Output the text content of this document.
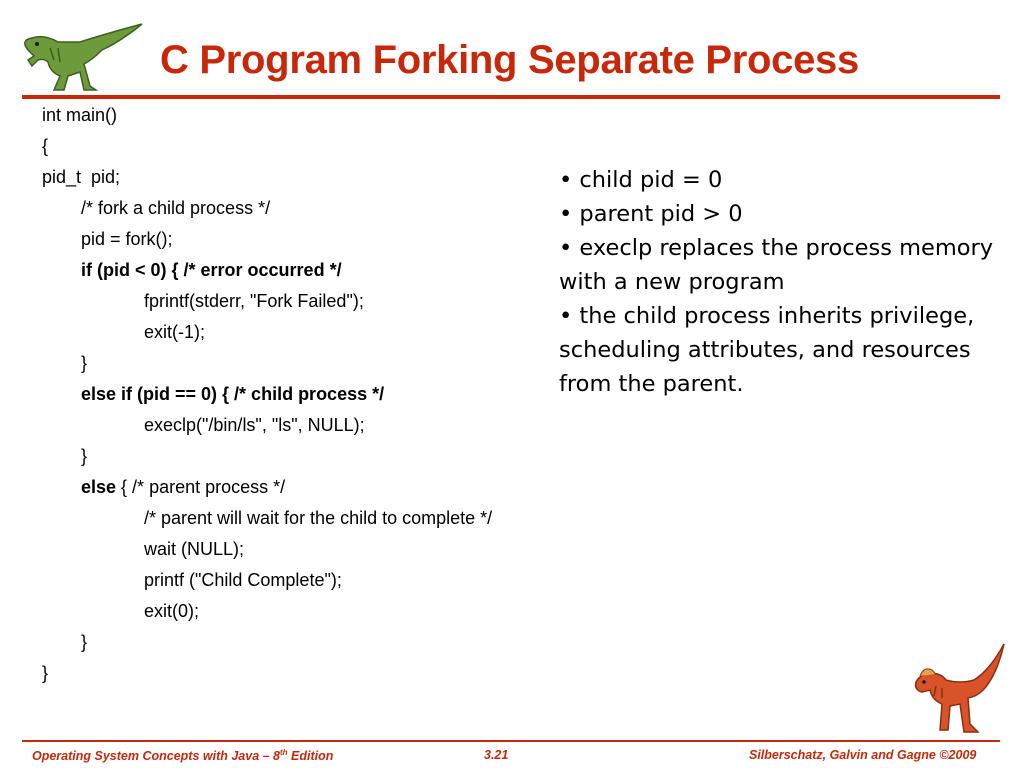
C Program Forking Separate Process
int main()
{
pid_t  pid;
/* fork a child process */
pid = fork();
if (pid < 0) { /* error occurred */
fprintf(stderr, "Fork Failed");
exit(-1);
}
else if (pid == 0) { /* child process */
execlp("/bin/ls", "ls", NULL);
}
else { /* parent process */
/* parent will wait for the child to complete */
wait (NULL);
printf ("Child Complete");
exit(0);
}
}

• child pid = 0

• parent pid > 0

• execlp replaces the process memory with a new program

• the child process inherits privilege, scheduling attributes, and resources from the parent.

Operating System Concepts with Java – 8th Edition	3.21	Silberschatz, Galvin and Gagne ©2009
